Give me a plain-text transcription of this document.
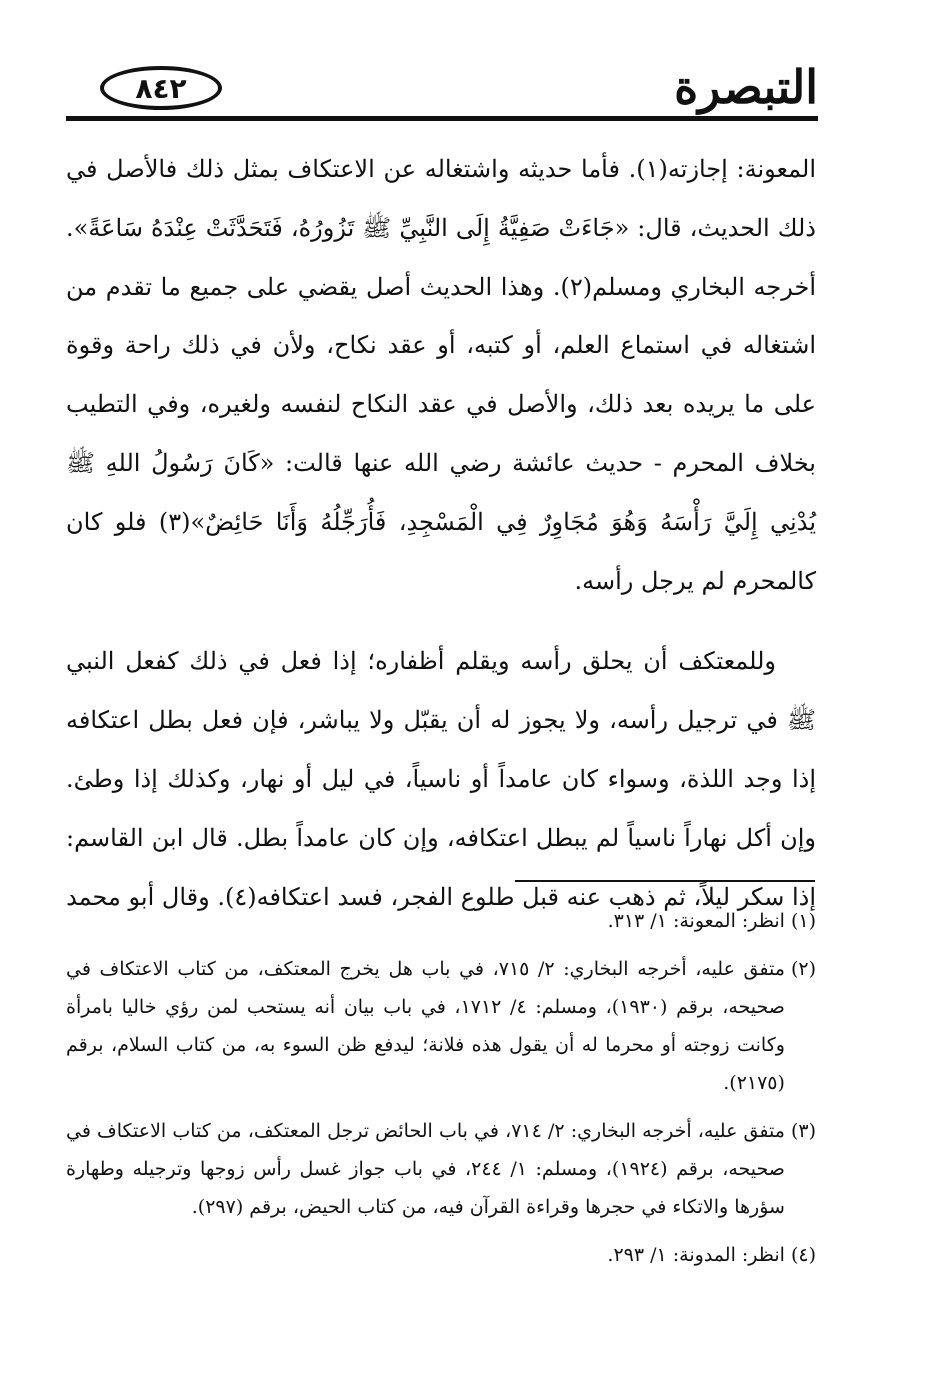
٨٤٢	التبصرة

المعونة: إجازته(١). فأما حديثه واشتغاله عن الاعتكاف بمثل ذلك فالأصل في ذلك الحديث، قال: «جَاءَتْ صَفِيَّةُ إِلَى النَّبِيِّ ﷺ تَزُورُهُ، فَتَحَدَّثَتْ عِنْدَهُ سَاعَةً». أخرجه البخاري ومسلم(٢). وهذا الحديث أصل يقضي على جميع ما تقدم من اشتغاله في استماع العلم، أو كتبه، أو عقد نكاح، ولأن في ذلك راحة وقوة على ما يريده بعد ذلك، والأصل في عقد النكاح لنفسه ولغيره، وفي التطيب بخلاف المحرم - حديث عائشة رضي الله عنها قالت: «كَانَ رَسُولُ اللهِ ﷺ يُدْنِي إِلَيَّ رَأْسَهُ وَهُوَ مُجَاوِرٌ فِي الْمَسْجِدِ، فَأُرَجِّلُهُ وَأَنَا حَائِضٌ»(٣) فلو كان كالمحرم لم يرجل رأسه.

وللمعتكف أن يحلق رأسه ويقلم أظفاره؛ إذا فعل في ذلك كفعل النبي ﷺ في ترجيل رأسه، ولا يجوز له أن يقبّل ولا يباشر، فإن فعل بطل اعتكافه إذا وجد اللذة، وسواء كان عامداً أو ناسياً، في ليل أو نهار، وكذلك إذا وطئ. وإن أكل نهاراً ناسياً لم يبطل اعتكافه، وإن كان عامداً بطل. قال ابن القاسم: إذا سكر ليلاً، ثم ذهب عنه قبل طلوع الفجر، فسد اعتكافه(٤). وقال أبو محمد

(١)
انظر: المعونة: ١/ ٣١٣.
(٢)
متفق عليه، أخرجه البخاري: ٢/ ٧١٥، في باب هل يخرج المعتكف، من كتاب الاعتكاف في صحيحه، برقم (١٩٣٠)، ومسلم: ٤/ ١٧١٢، في باب بيان أنه يستحب لمن رؤي خاليا بامرأة وكانت زوجته أو محرما له أن يقول هذه فلانة؛ ليدفع ظن السوء به، من كتاب السلام، برقم (٢١٧٥).
(٣)
متفق عليه، أخرجه البخاري: ٢/ ٧١٤، في باب الحائض ترجل المعتكف، من كتاب الاعتكاف في صحيحه، برقم (١٩٢٤)، ومسلم: ١/ ٢٤٤، في باب جواز غسل رأس زوجها وترجيله وطهارة سؤرها والاتكاء في حجرها وقراءة القرآن فيه، من كتاب الحيض، برقم (٢٩٧).
(٤)
انظر: المدونة: ١/ ٢٩٣.
